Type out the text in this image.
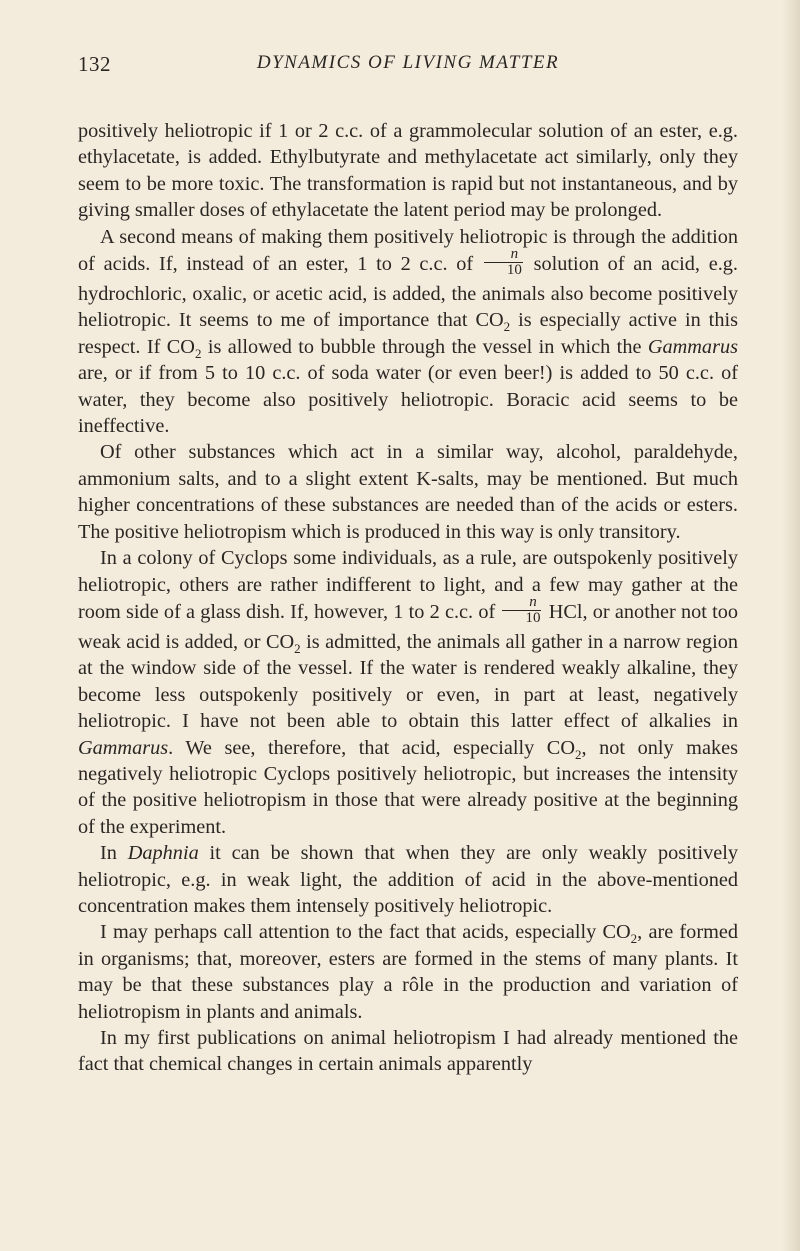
132	DYNAMICS OF LIVING MATTER

positively heliotropic if 1 or 2 c.c. of a grammolecular solution of an ester, e.g. ethylacetate, is added. Ethylbutyrate and methylacetate act similarly, only they seem to be more toxic. The transformation is rapid but not instantaneous, and by giving smaller doses of ethylacetate the latent period may be prolonged.

A second means of making them positively heliotropic is through the addition of acids. If, instead of an ester, 1 to 2 c.c. of $\frac{n}{10}$ solution of an acid, e.g. hydrochloric, oxalic, or acetic acid, is added, the animals also become positively heliotropic. It seems to me of importance that $CO_2$ is especially active in this respect. If $CO_2$ is allowed to bubble through the vessel in which the Gammarus are, or if from 5 to 10 c.c. of soda water (or even beer!) is added to 50 c.c. of water, they become also positively heliotropic. Boracic acid seems to be ineffective.

Of other substances which act in a similar way, alcohol, paraldehyde, ammonium salts, and to a slight extent K-salts, may be mentioned. But much higher concentrations of these substances are needed than of the acids or esters. The positive heliotropism which is produced in this way is only transitory.

In a colony of Cyclops some individuals, as a rule, are outspokenly positively heliotropic, others are rather indifferent to light, and a few may gather at the room side of a glass dish. If, however, 1 to 2 c.c. of $\frac{n}{10}$ HCl, or another not too weak acid is added, or $CO_2$ is admitted, the animals all gather in a narrow region at the window side of the vessel. If the water is rendered weakly alkaline, they become less outspokenly positively or even, in part at least, negatively heliotropic. I have not been able to obtain this latter effect of alkalies in Gammarus. We see, therefore, that acid, especially $CO_2$, not only makes negatively heliotropic Cyclops positively heliotropic, but increases the intensity of the positive heliotropism in those that were already positive at the beginning of the experiment.

In Daphnia it can be shown that when they are only weakly positively heliotropic, e.g. in weak light, the addition of acid in the above-mentioned concentration makes them intensely positively heliotropic.

I may perhaps call attention to the fact that acids, especially $CO_2$, are formed in organisms; that, moreover, esters are formed in the stems of many plants. It may be that these substances play a rôle in the production and variation of heliotropism in plants and animals.

In my first publications on animal heliotropism I had already mentioned the fact that chemical changes in certain animals apparently
